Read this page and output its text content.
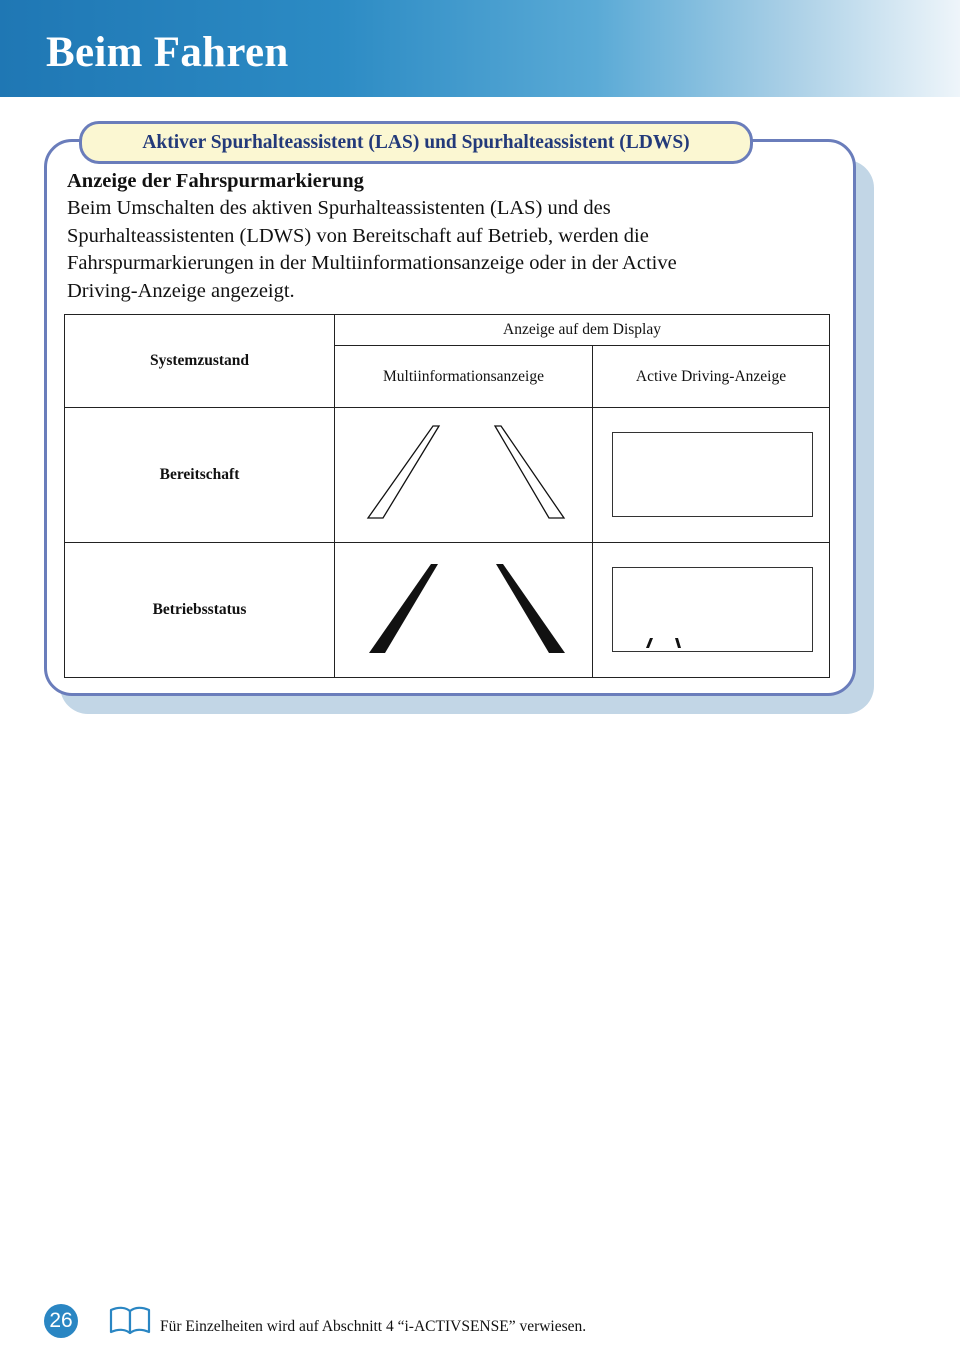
Beim Fahren
Aktiver Spurhalteassistent (LAS) und Spurhalteassistent (LDWS)
Anzeige der Fahrspurmarkierung
Beim Umschalten des aktiven Spurhalteassistenten (LAS) und des
Spurhalteassistenten (LDWS) von Bereitschaft auf Betrieb, werden die
Fahrspurmarkierungen in der Multiinformationsanzeige oder in der Active
Driving-Anzeige angezeigt.
Systemzustand	Anzeige auf dem Display	
	Multiinformationsanzeige	Active Driving-Anzeige
Bereitschaft		
Betriebsstatus		
26	Für Einzelheiten wird auf Abschnitt 4 “i-ACTIVSENSE” verwiesen.
